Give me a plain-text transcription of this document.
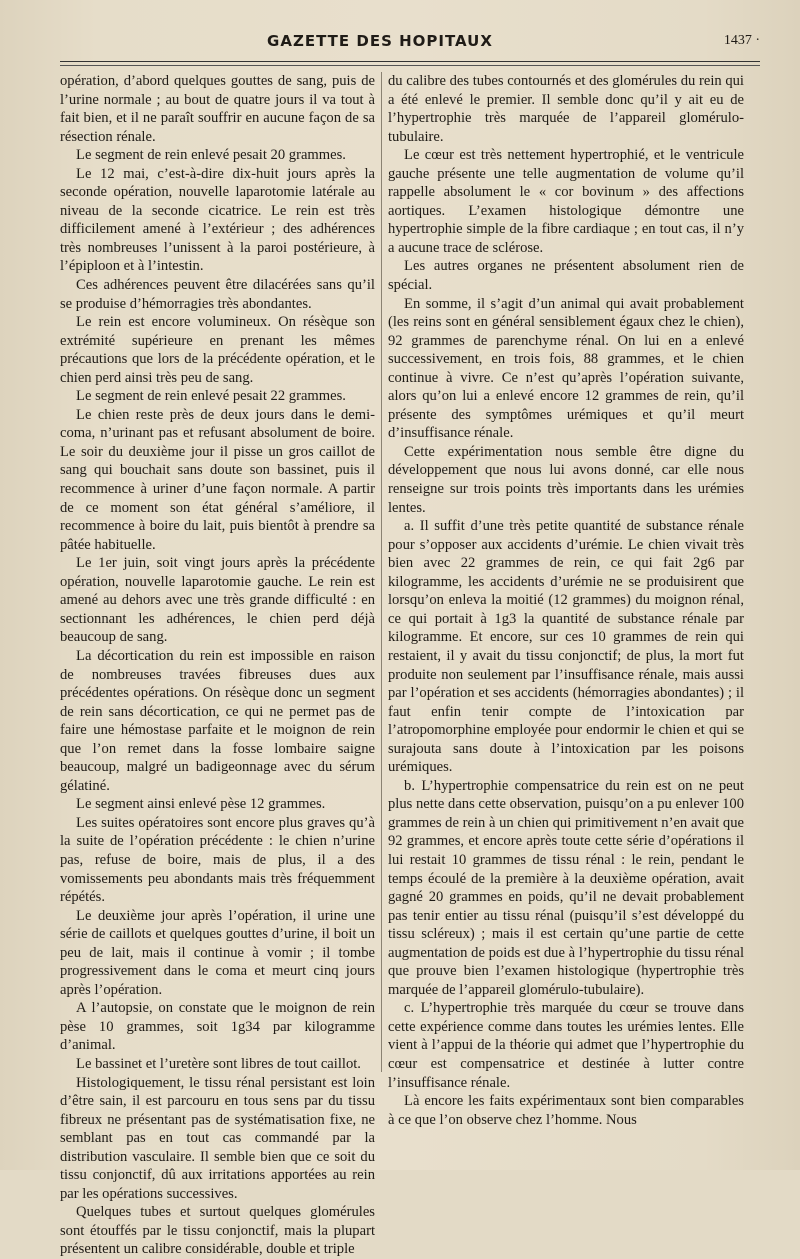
GAZETTE DES HOPITAUX	1437 ·

opération, d’abord quelques gouttes de sang, puis de l’urine normale ; au bout de quatre jours il va tout à fait bien, et il ne paraît souffrir en aucune façon de sa résection rénale.

Le segment de rein enlevé pesait 20 grammes.

Le 12 mai, c’est-à-dire dix-huit jours après la seconde opération, nouvelle laparotomie latérale au niveau de la seconde cicatrice. Le rein est très difficilement amené à l’extérieur ; des adhérences très nombreuses l’unissent à la paroi postérieure, à l’épiploon et à l’intestin.

Ces adhérences peuvent être dilacérées sans qu’il se produise d’hémorragies très abondantes.

Le rein est encore volumineux. On résèque son extrémité supérieure en prenant les mêmes précautions que lors de la précédente opération, et le chien perd ainsi très peu de sang.

Le segment de rein enlevé pesait 22 grammes.

Le chien reste près de deux jours dans le demi-coma, n’urinant pas et refusant absolument de boire. Le soir du deuxième jour il pisse un gros caillot de sang qui bouchait sans doute son bassinet, puis il recommence à uriner d’une façon normale. A partir de ce moment son état général s’améliore, il recommence à boire du lait, puis bientôt à prendre sa pâtée habituelle.

Le 1er juin, soit vingt jours après la précédente opération, nouvelle laparotomie gauche. Le rein est amené au dehors avec une très grande difficulté : en sectionnant les adhérences, le chien perd déjà beaucoup de sang.

La décortication du rein est impossible en raison de nombreuses travées fibreuses dues aux précédentes opérations. On résèque donc un segment de rein sans décortication, ce qui ne permet pas de faire une hémostase parfaite et le moignon de rein que l’on remet dans la fosse lombaire saigne beaucoup, malgré un badigeonnage avec du sérum gélatiné.

Le segment ainsi enlevé pèse 12 grammes.

Les suites opératoires sont encore plus graves qu’à la suite de l’opération précédente : le chien n’urine pas, refuse de boire, mais de plus, il a des vomissements peu abondants mais très fréquemment répétés.

Le deuxième jour après l’opération, il urine une série de caillots et quelques gouttes d’urine, il boit un peu de lait, mais il continue à vomir ; il tombe progressivement dans le coma et meurt cinq jours après l’opération.

A l’autopsie, on constate que le moignon de rein pèse 10 grammes, soit 1g34 par kilogramme d’animal.

Le bassinet et l’uretère sont libres de tout caillot.

Histologiquement, le tissu rénal persistant est loin d’être sain, il est parcouru en tous sens par du tissu fibreux ne présentant pas de systématisation fixe, ne semblant pas en tout cas commandé par la distribution vasculaire. Il semble bien que ce soit du tissu conjonctif, dû aux irritations apportées au rein par les opérations successives.

Quelques tubes et surtout quelques glomérules sont étouffés par le tissu conjonctif, mais la plupart présentent un calibre considérable, double et triple

du calibre des tubes contournés et des glomérules du rein qui a été enlevé le premier. Il semble donc qu’il y ait eu de l’hypertrophie très marquée de l’appareil glomérulo-tubulaire.

Le cœur est très nettement hypertrophié, et le ventricule gauche présente une telle augmentation de volume qu’il rappelle absolument le « cor bovinum » des affections aortiques. L’examen histologique démontre une hypertrophie simple de la fibre cardiaque ; en tout cas, il n’y a aucune trace de sclérose.

Les autres organes ne présentent absolument rien de spécial.

En somme, il s’agit d’un animal qui avait probablement (les reins sont en général sensiblement égaux chez le chien), 92 grammes de parenchyme rénal. On lui en a enlevé successivement, en trois fois, 88 grammes, et le chien continue à vivre. Ce n’est qu’après l’opération suivante, alors qu’on lui a enlevé encore 12 grammes de rein, qu’il présente des symptômes urémiques et qu’il meurt d’insuffisance rénale.

Cette expérimentation nous semble être digne du développement que nous lui avons donné, car elle nous renseigne sur trois points très importants dans les urémies lentes.

a. Il suffit d’une très petite quantité de substance rénale pour s’opposer aux accidents d’urémie. Le chien vivait très bien avec 22 grammes de rein, ce qui fait 2g6 par kilogramme, les accidents d’urémie ne se produisirent que lorsqu’on enleva la moitié (12 grammes) du moignon rénal, ce qui portait à 1g3 la quantité de substance rénale par kilogramme. Et encore, sur ces 10 grammes de rein qui restaient, il y avait du tissu conjonctif; de plus, la mort fut produite non seulement par l’insuffisance rénale, mais aussi par l’opération et ses accidents (hémorragies abondantes) ; il faut enfin tenir compte de l’intoxication par l’atropomorphine employée pour endormir le chien et qui se surajouta sans doute à l’intoxication par les poisons urémiques.

b. L’hypertrophie compensatrice du rein est on ne peut plus nette dans cette observation, puisqu’on a pu enlever 100 grammes de rein à un chien qui primitivement n’en avait que 92 grammes, et encore après toute cette série d’opérations il lui restait 10 grammes de tissu rénal : le rein, pendant le temps écoulé de la première à la deuxième opération, avait gagné 20 grammes en poids, qu’il ne devait probablement pas tenir entier au tissu rénal (puisqu’il s’est développé du tissu scléreux) ; mais il est certain qu’une partie de cette augmentation de poids est due à l’hypertrophie du tissu rénal que prouve bien l’examen histologique (hypertrophie très marquée de l’appareil glomérulo-tubulaire).

c. L’hypertrophie très marquée du cœur se trouve dans cette expérience comme dans toutes les urémies lentes. Elle vient à l’appui de la théorie qui admet que l’hypertrophie du cœur est compensatrice et destinée à lutter contre l’insuffisance rénale.

Là encore les faits expérimentaux sont bien comparables à ce que l’on observe chez l’homme. Nous
